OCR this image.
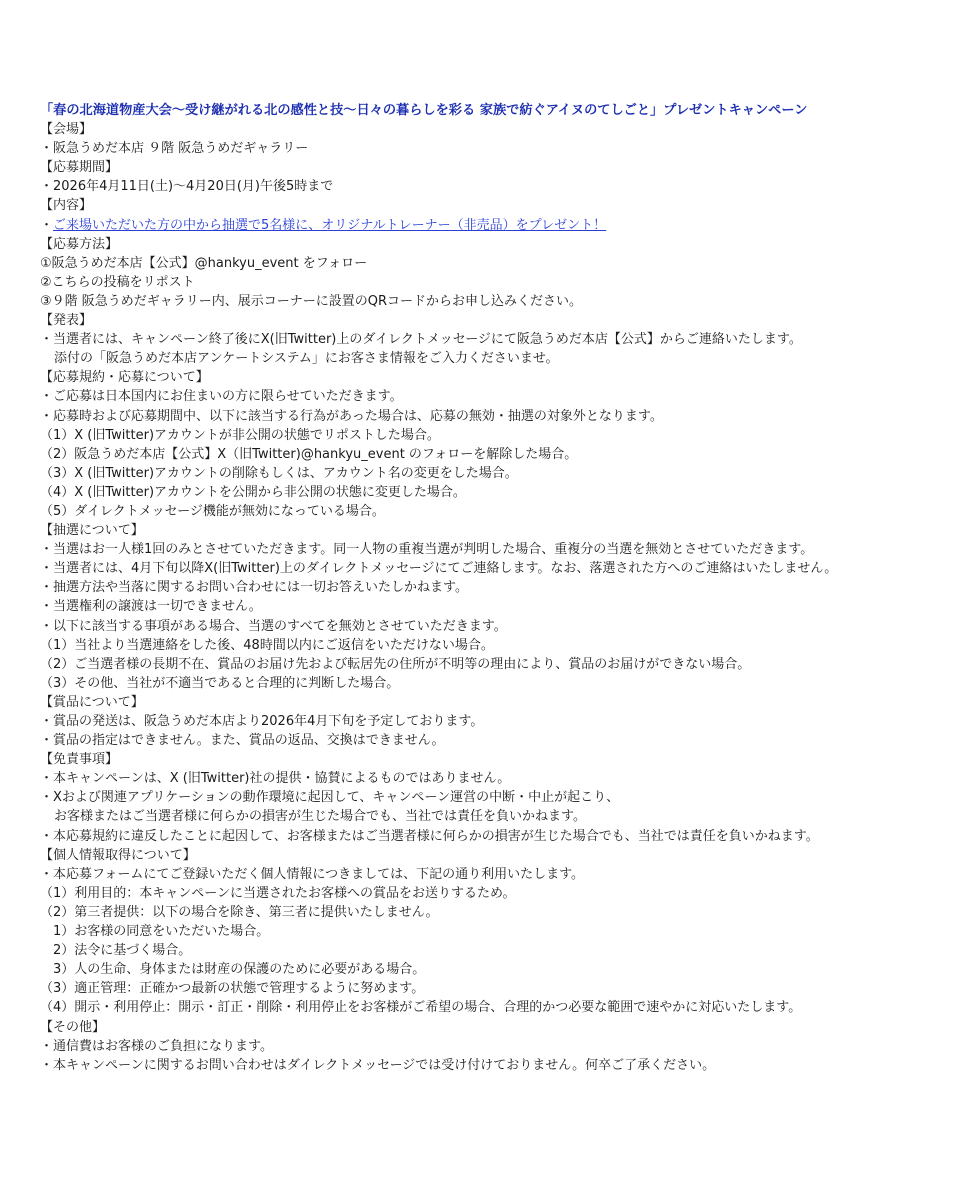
「春の北海道物産大会〜受け継がれる北の感性と技〜日々の暮らしを彩る 家族で紡ぐアイヌのてしごと」プレゼントキャンペーン
【会場】
・阪急うめだ本店 ９階 阪急うめだギャラリー
【応募期間】
・2026年4月11日(土)〜4月20日(月)午後5時まで
【内容】
・ご来場いただいた方の中から抽選で5名様に、オリジナルトレーナー（非売品）をプレゼント！
【応募方法】
①阪急うめだ本店【公式】@hankyu_event をフォロー
②こちらの投稿をリポスト
③９階 阪急うめだギャラリー内、展示コーナーに設置のQRコードからお申し込みください。
【発表】
・当選者には、キャンペーン終了後にX(旧Twitter)上のダイレクトメッセージにて阪急うめだ本店【公式】からご連絡いたします。
添付の「阪急うめだ本店アンケートシステム」にお客さま情報をご入力くださいませ。
【応募規約・応募について】
・ご応募は日本国内にお住まいの方に限らせていただきます。
・応募時および応募期間中、以下に該当する行為があった場合は、応募の無効・抽選の対象外となります。
（1）X (旧Twitter)アカウントが非公開の状態でリポストした場合。
（2）阪急うめだ本店【公式】X（旧Twitter)@hankyu_event のフォローを解除した場合。
（3）X (旧Twitter)アカウントの削除もしくは、アカウント名の変更をした場合。
（4）X (旧Twitter)アカウントを公開から非公開の状態に変更した場合。
（5）ダイレクトメッセージ機能が無効になっている場合。
【抽選について】
・当選はお一人様1回のみとさせていただきます。同一人物の重複当選が判明した場合、重複分の当選を無効とさせていただきます。
・当選者には、4月下旬以降X(旧Twitter)上のダイレクトメッセージにてご連絡します。なお、落選された方へのご連絡はいたしません。
・抽選方法や当落に関するお問い合わせには一切お答えいたしかねます。
・当選権利の譲渡は一切できません。
・以下に該当する事項がある場合、当選のすべてを無効とさせていただきます。
（1）当社より当選連絡をした後、48時間以内にご返信をいただけない場合。
（2）ご当選者様の長期不在、賞品のお届け先および転居先の住所が不明等の理由により、賞品のお届けができない場合。
（3）その他、当社が不適当であると合理的に判断した場合。
【賞品について】
・賞品の発送は、阪急うめだ本店より2026年4月下旬を予定しております。
・賞品の指定はできません。また、賞品の返品、交換はできません。
【免責事項】
・本キャンペーンは、X (旧Twitter)社の提供・協賛によるものではありません。
・Xおよび関連アプリケーションの動作環境に起因して、キャンペーン運営の中断・中止が起こり、
お客様またはご当選者様に何らかの損害が生じた場合でも、当社では責任を負いかねます。
・本応募規約に違反したことに起因して、お客様またはご当選者様に何らかの損害が生じた場合でも、当社では責任を負いかねます。
【個人情報取得について】
・本応募フォームにてご登録いただく個人情報につきましては、下記の通り利用いたします。
（1）利用目的：本キャンペーンに当選されたお客様への賞品をお送りするため。
（2）第三者提供：以下の場合を除き、第三者に提供いたしません。
　1）お客様の同意をいただいた場合。
　2）法令に基づく場合。
　3）人の生命、身体または財産の保護のために必要がある場合。
（3）適正管理：正確かつ最新の状態で管理するように努めます。
（4）開示・利用停止：開示・訂正・削除・利用停止をお客様がご希望の場合、合理的かつ必要な範囲で速やかに対応いたします。
【その他】
・通信費はお客様のご負担になります。
・本キャンペーンに関するお問い合わせはダイレクトメッセージでは受け付けておりません。何卒ご了承ください。
